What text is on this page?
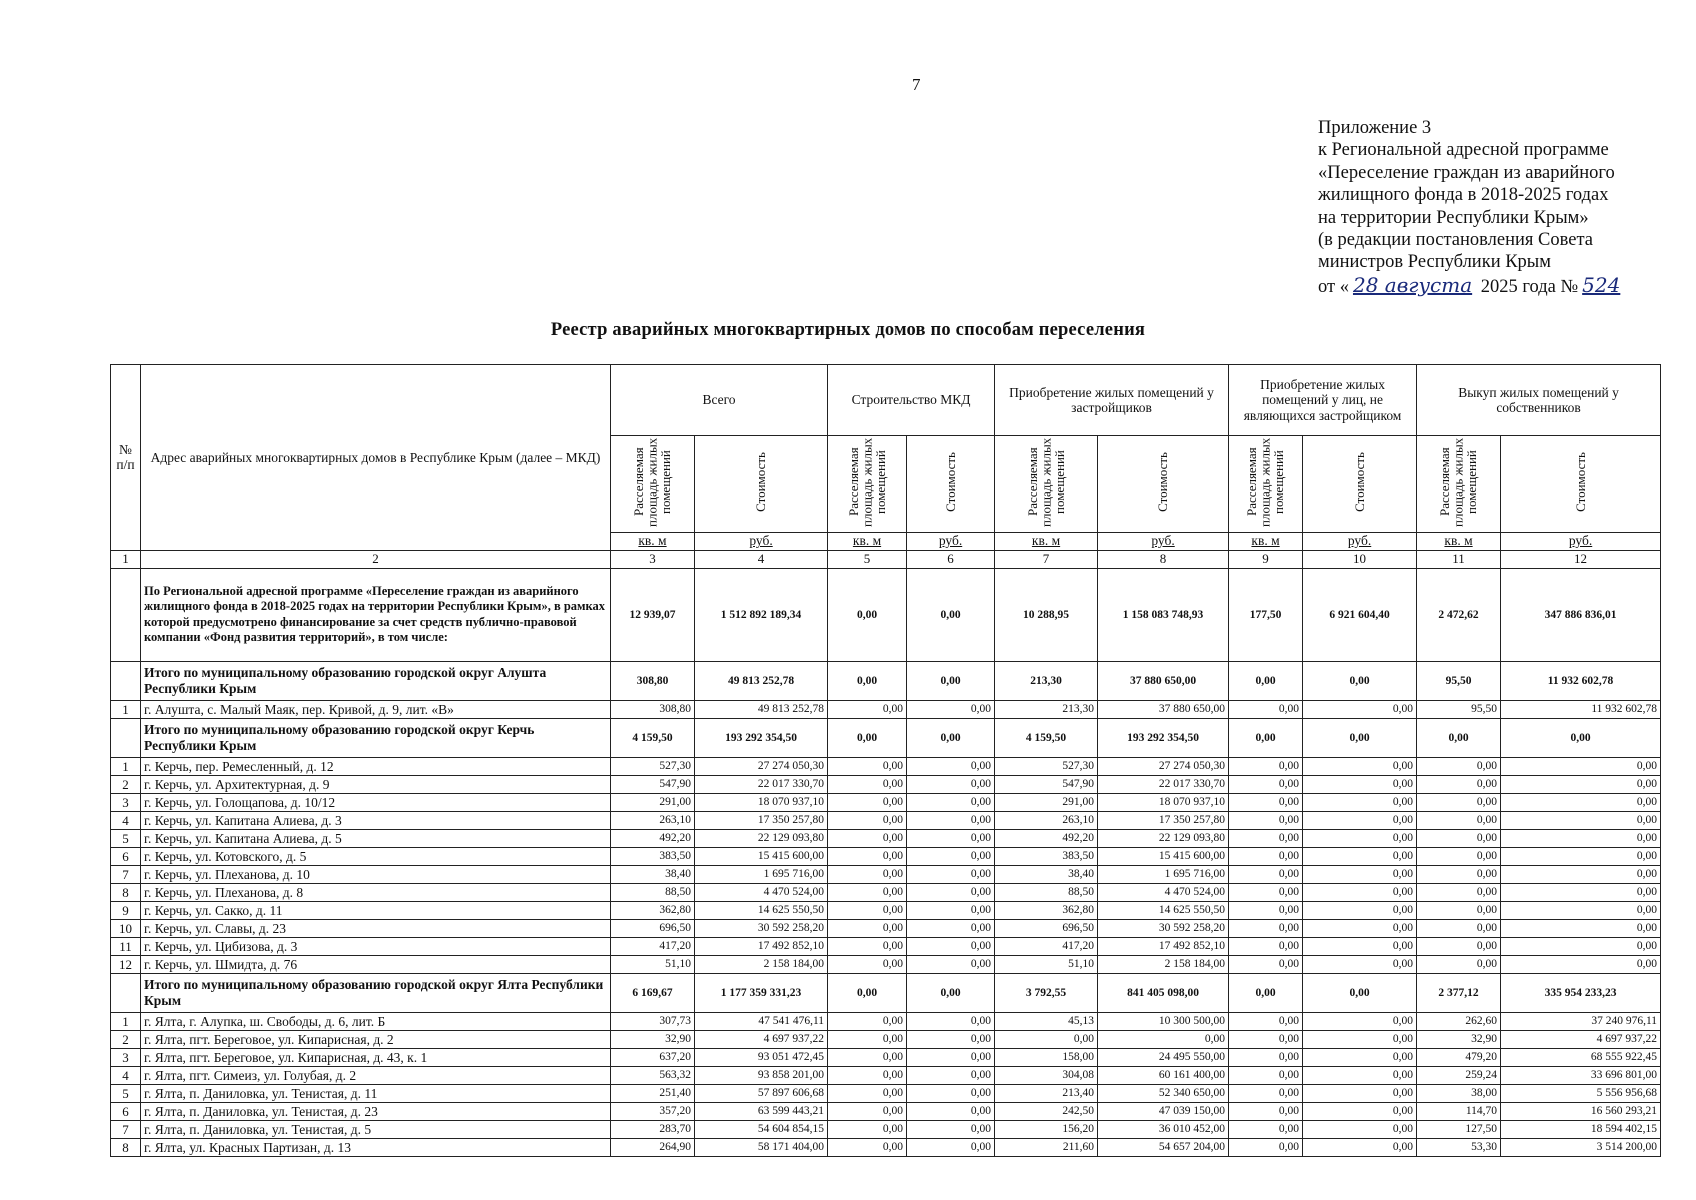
7
Приложение 3
к Региональной адресной программе
«Переселение граждан из аварийного
жилищного фонда в 2018-2025 годах
на территории Республики Крым»
(в редакции постановления Совета
министров Республики Крым
от « 28 августа 2025 года № 524
Реестр аварийных многоквартирных домов по способам переселения
№ п/п	Адрес аварийных многоквартирных домов в Республике Крым (далее – МКД)	Всего		Строительство МКД		Приобретение жилых помещений у застройщиков		Приобретение жилых помещений у лиц, не являющихся застройщиком		Выкуп жилых помещений у собственников	
		Расселяемая площадь жилых помещений	Стоимость	Расселяемая площадь жилых помещений	Стоимость	Расселяемая площадь жилых помещений	Стоимость	Расселяемая площадь жилых помещений	Стоимость	Расселяемая площадь жилых помещений	Стоимость
		кв. м	руб.	кв. м	руб.	кв. м	руб.	кв. м	руб.	кв. м	руб.
1	2	3	4	5	6	7	8	9	10	11	12
	По Региональной адресной программе «Переселение граждан из аварийного жилищного фонда в 2018-2025 годах на территории Республики Крым», в рамках которой предусмотрено финансирование за счет средств публично-правовой компании «Фонд развития территорий», в том числе:	12 939,07	1 512 892 189,34	0,00	0,00	10 288,95	1 158 083 748,93	177,50	6 921 604,40	2 472,62	347 886 836,01
	Итого по муниципальному образованию городской округ Алушта Республики Крым	308,80	49 813 252,78	0,00	0,00	213,30	37 880 650,00	0,00	0,00	95,50	11 932 602,78
1	г. Алушта, с. Малый Маяк, пер. Кривой, д. 9, лит. «В»	308,80	49 813 252,78	0,00	0,00	213,30	37 880 650,00	0,00	0,00	95,50	11 932 602,78
	Итого по муниципальному образованию городской округ Керчь Республики Крым	4 159,50	193 292 354,50	0,00	0,00	4 159,50	193 292 354,50	0,00	0,00	0,00	0,00
1	г. Керчь, пер. Ремесленный, д. 12	527,30	27 274 050,30	0,00	0,00	527,30	27 274 050,30	0,00	0,00	0,00	0,00
2	г. Керчь, ул. Архитектурная, д. 9	547,90	22 017 330,70	0,00	0,00	547,90	22 017 330,70	0,00	0,00	0,00	0,00
3	г. Керчь, ул. Голощапова, д. 10/12	291,00	18 070 937,10	0,00	0,00	291,00	18 070 937,10	0,00	0,00	0,00	0,00
4	г. Керчь, ул. Капитана Алиева, д. 3	263,10	17 350 257,80	0,00	0,00	263,10	17 350 257,80	0,00	0,00	0,00	0,00
5	г. Керчь, ул. Капитана Алиева, д. 5	492,20	22 129 093,80	0,00	0,00	492,20	22 129 093,80	0,00	0,00	0,00	0,00
6	г. Керчь, ул. Котовского, д. 5	383,50	15 415 600,00	0,00	0,00	383,50	15 415 600,00	0,00	0,00	0,00	0,00
7	г. Керчь, ул. Плеханова, д. 10	38,40	1 695 716,00	0,00	0,00	38,40	1 695 716,00	0,00	0,00	0,00	0,00
8	г. Керчь, ул. Плеханова, д. 8	88,50	4 470 524,00	0,00	0,00	88,50	4 470 524,00	0,00	0,00	0,00	0,00
9	г. Керчь, ул. Сакко, д. 11	362,80	14 625 550,50	0,00	0,00	362,80	14 625 550,50	0,00	0,00	0,00	0,00
10	г. Керчь, ул. Славы, д. 23	696,50	30 592 258,20	0,00	0,00	696,50	30 592 258,20	0,00	0,00	0,00	0,00
11	г. Керчь, ул. Цибизова, д. 3	417,20	17 492 852,10	0,00	0,00	417,20	17 492 852,10	0,00	0,00	0,00	0,00
12	г. Керчь, ул. Шмидта, д. 76	51,10	2 158 184,00	0,00	0,00	51,10	2 158 184,00	0,00	0,00	0,00	0,00
	Итого по муниципальному образованию городской округ Ялта Республики Крым	6 169,67	1 177 359 331,23	0,00	0,00	3 792,55	841 405 098,00	0,00	0,00	2 377,12	335 954 233,23
1	г. Ялта, г. Алупка, ш. Свободы, д. 6, лит. Б	307,73	47 541 476,11	0,00	0,00	45,13	10 300 500,00	0,00	0,00	262,60	37 240 976,11
2	г. Ялта, пгт. Береговое, ул. Кипарисная, д. 2	32,90	4 697 937,22	0,00	0,00	0,00	0,00	0,00	0,00	32,90	4 697 937,22
3	г. Ялта, пгт. Береговое, ул. Кипарисная, д. 43, к. 1	637,20	93 051 472,45	0,00	0,00	158,00	24 495 550,00	0,00	0,00	479,20	68 555 922,45
4	г. Ялта, пгт. Симеиз, ул. Голубая, д. 2	563,32	93 858 201,00	0,00	0,00	304,08	60 161 400,00	0,00	0,00	259,24	33 696 801,00
5	г. Ялта, п. Даниловка, ул. Тенистая, д. 11	251,40	57 897 606,68	0,00	0,00	213,40	52 340 650,00	0,00	0,00	38,00	5 556 956,68
6	г. Ялта, п. Даниловка, ул. Тенистая, д. 23	357,20	63 599 443,21	0,00	0,00	242,50	47 039 150,00	0,00	0,00	114,70	16 560 293,21
7	г. Ялта, п. Даниловка, ул. Тенистая, д. 5	283,70	54 604 854,15	0,00	0,00	156,20	36 010 452,00	0,00	0,00	127,50	18 594 402,15
8	г. Ялта, ул. Красных Партизан, д. 13	264,90	58 171 404,00	0,00	0,00	211,60	54 657 204,00	0,00	0,00	53,30	3 514 200,00
